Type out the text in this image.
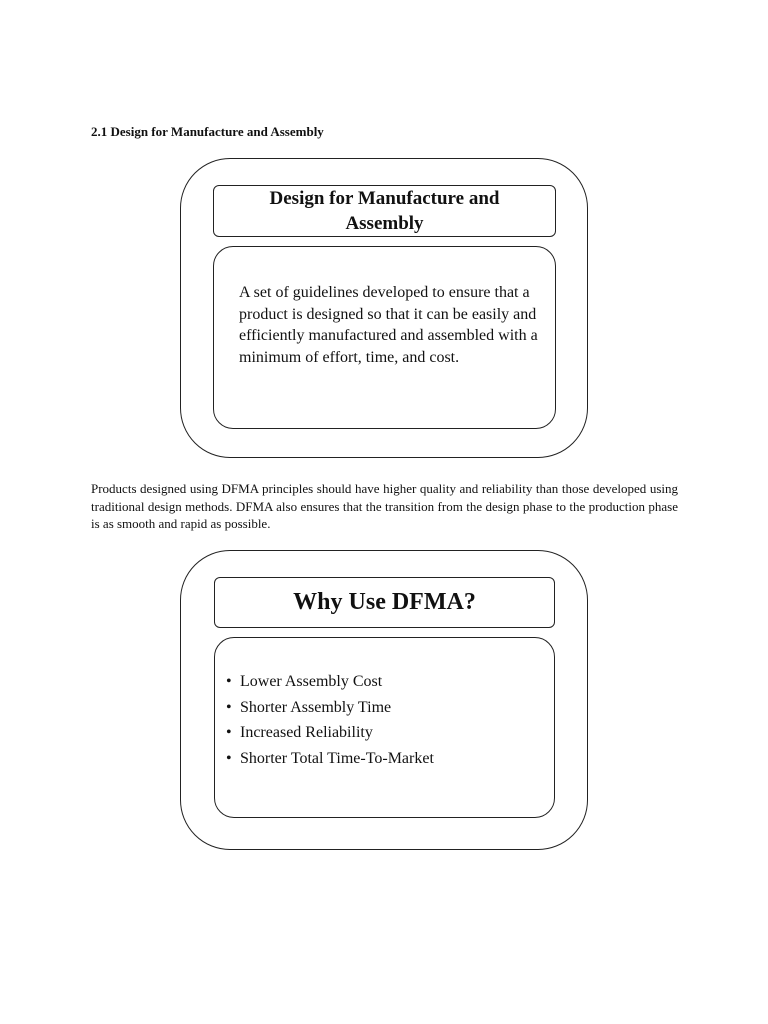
2.1 Design for Manufacture and Assembly
Design for Manufacture and Assembly
A set of guidelines developed to ensure that a product is designed so that it can be easily and efficiently manufactured and assembled with a minimum of effort, time, and cost.
Products designed using DFMA principles should have higher quality and reliability than those developed using traditional design methods. DFMA also ensures that the transition from the design phase to the production phase is as smooth and rapid as possible.
Why Use DFMA?
• Lower Assembly Cost
• Shorter Assembly Time
• Increased Reliability
• Shorter Total Time-To-Market
